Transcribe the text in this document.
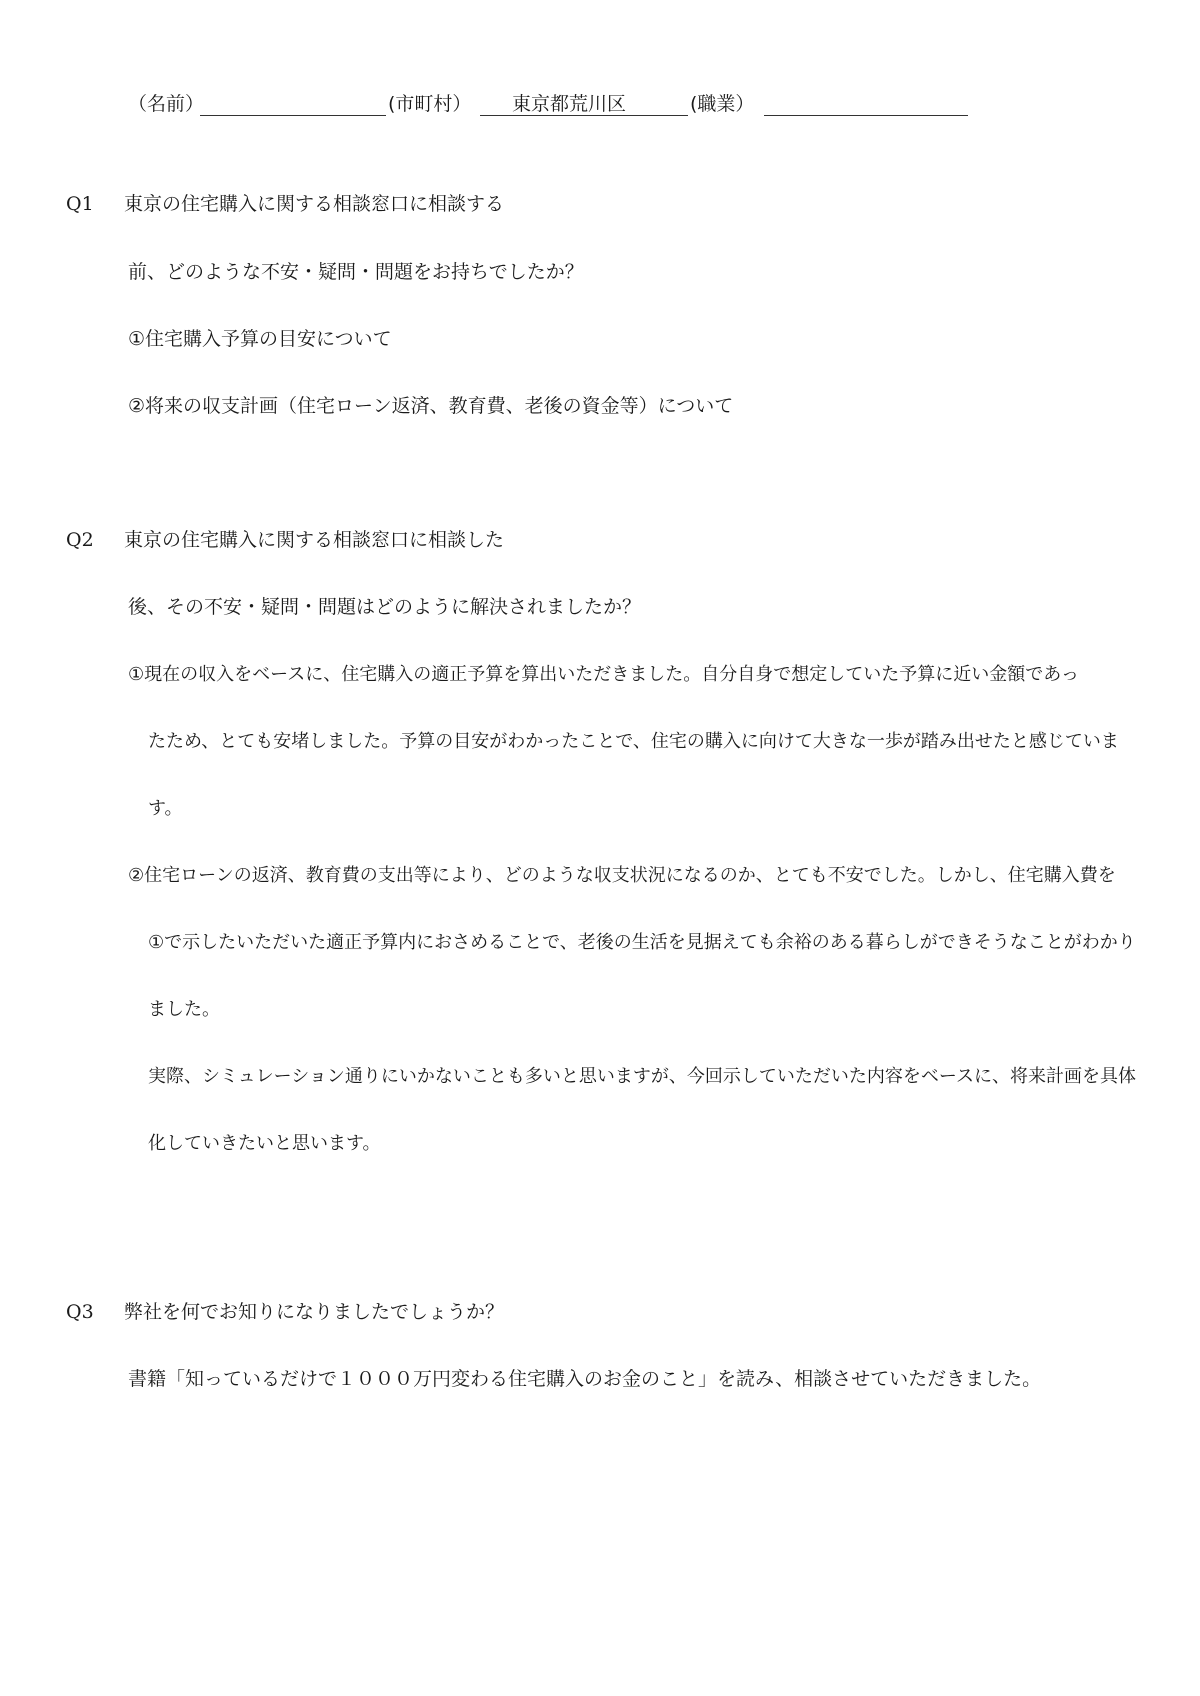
（名前）	(市町村） 東京都荒川区	(職業）
Q1 東京の住宅購入に関する相談窓口に相談する
前、どのような不安・疑問・問題をお持ちでしたか？
①住宅購入予算の目安について
②将来の収支計画（住宅ローン返済、教育費、老後の資金等）について
Q2 東京の住宅購入に関する相談窓口に相談した
後、その不安・疑問・問題はどのように解決されましたか？
①現在の収入をベースに、住宅購入の適正予算を算出いただきました。自分自身で想定していた予算に近い金額であっ
たため、とても安堵しました。予算の目安がわかったことで、住宅の購入に向けて大きな一歩が踏み出せたと感じていま
す。
②住宅ローンの返済、教育費の支出等により、どのような収支状況になるのか、とても不安でした。しかし、住宅購入費を
①で示したいただいた適正予算内におさめることで、老後の生活を見据えても余裕のある暮らしができそうなことがわかり
ました。
実際、シミュレーション通りにいかないことも多いと思いますが、今回示していただいた内容をベースに、将来計画を具体
化していきたいと思います。
Q3 弊社を何でお知りになりましたでしょうか？
書籍「知っているだけで１０００万円変わる住宅購入のお金のこと」を読み、相談させていただきました。
